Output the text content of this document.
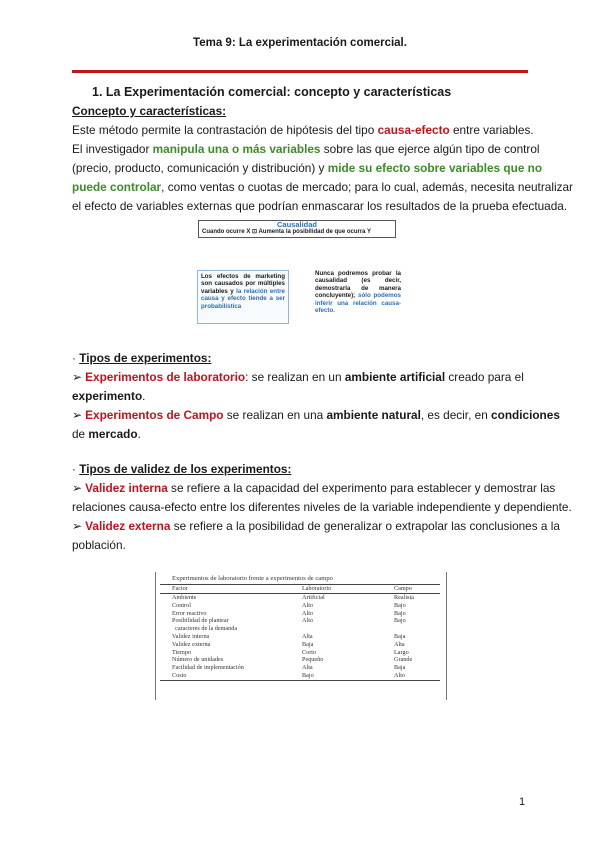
Tema 9: La experimentación comercial.
1. La Experimentación comercial: concepto y características
Concepto y características:
Este método permite la contrastación de hipótesis del tipo causa-efecto entre variables.
El investigador manipula una o más variables sobre las que ejerce algún tipo de control
(precio, producto, comunicación y distribución) y mide su efecto sobre variables que no
puede controlar, como ventas o cuotas de mercado; para lo cual, además, necesita neutralizar
el efecto de variables externas que podrían enmascarar los resultados de la prueba efectuada.
Causalidad
Cuando ocurre X ⊡ Aumenta la posibilidad de que ocurra Y
Los efectos de marketing son causados por múltiples variables y la relación entre causa y efecto tiende a ser probabilística
Nunca podremos probar la causalidad (es decir, demostrarla de manera concluyente); sólo podemos inferir una relación causa-efecto.
· Tipos de experimentos:
➢ Experimentos de laboratorio: se realizan en un ambiente artificial creado para el
experimento.
➢ Experimentos de Campo se realizan en una ambiente natural, es decir, en condiciones
de mercado.
· Tipos de validez de los experimentos:
➢ Validez interna se refiere a la capacidad del experimento para establecer y demostrar las
relaciones causa-efecto entre los diferentes niveles de la variable independiente y dependiente.
➢ Validez externa se refiere a la posibilidad de generalizar o extrapolar las conclusiones a la
población.
Experimentos de laboratorio frente a experimentos de campo
Factor	Laboratorio	Campo
Ambiente	Artificial	Realista
Control	Alto	Bajo
Error reactivo	Alto	Bajo
Posibilidad de plantear
caracteres de la demanda	Alto	Bajo
Validez interna	Alta	Baja
Validez externa	Baja	Alta
Tiempo	Corto	Largo
Número de unidades	Pequeño	Grande
Facilidad de implementación	Alta	Baja
Costo	Bajo	Alto
1
